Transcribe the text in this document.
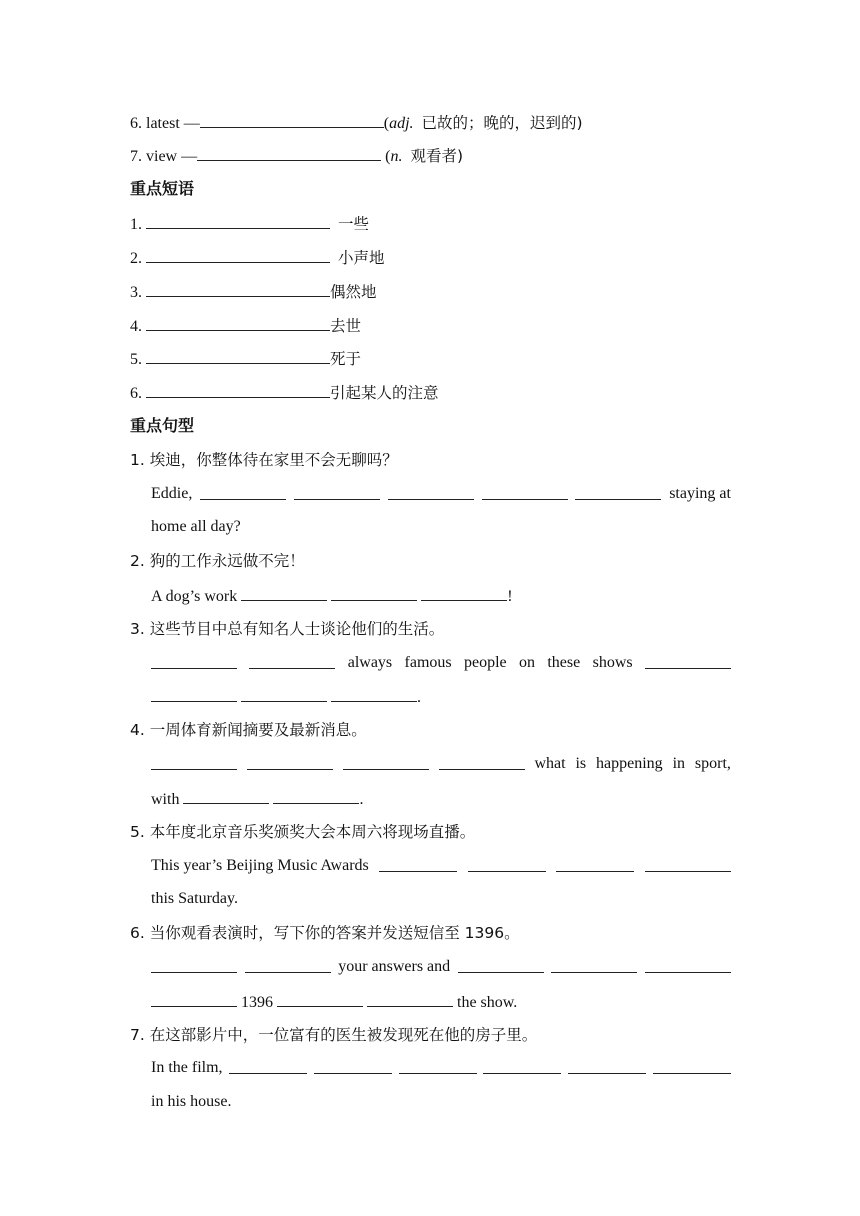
6. latest —	(adj. 已故的；晚的，迟到的)
7. view —	(n. 观看者)
重点短语
1.	一些
2.	小声地
3.	偶然地
4.	去世
5.	死于
6.	引起某人的注意
重点句型
1. 埃迪，你整体待在家里不会无聊吗？
Eddie,	staying at
home all day?
2. 狗的工作永远做不完！
A dog’s work	!
3. 这些节目中总有知名人士谈论他们的生活。
always famous people on these shows
.
4. 一周体育新闻摘要及最新消息。
what is happening in sport,
with	.
5. 本年度北京音乐奖颁奖大会本周六将现场直播。
This year’s Beijing Music Awards
this Saturday.
6. 当你观看表演时，写下你的答案并发送短信至 1396。
your answers and
1396	the show.
7. 在这部影片中，一位富有的医生被发现死在他的房子里。
In the film,
in his house.
